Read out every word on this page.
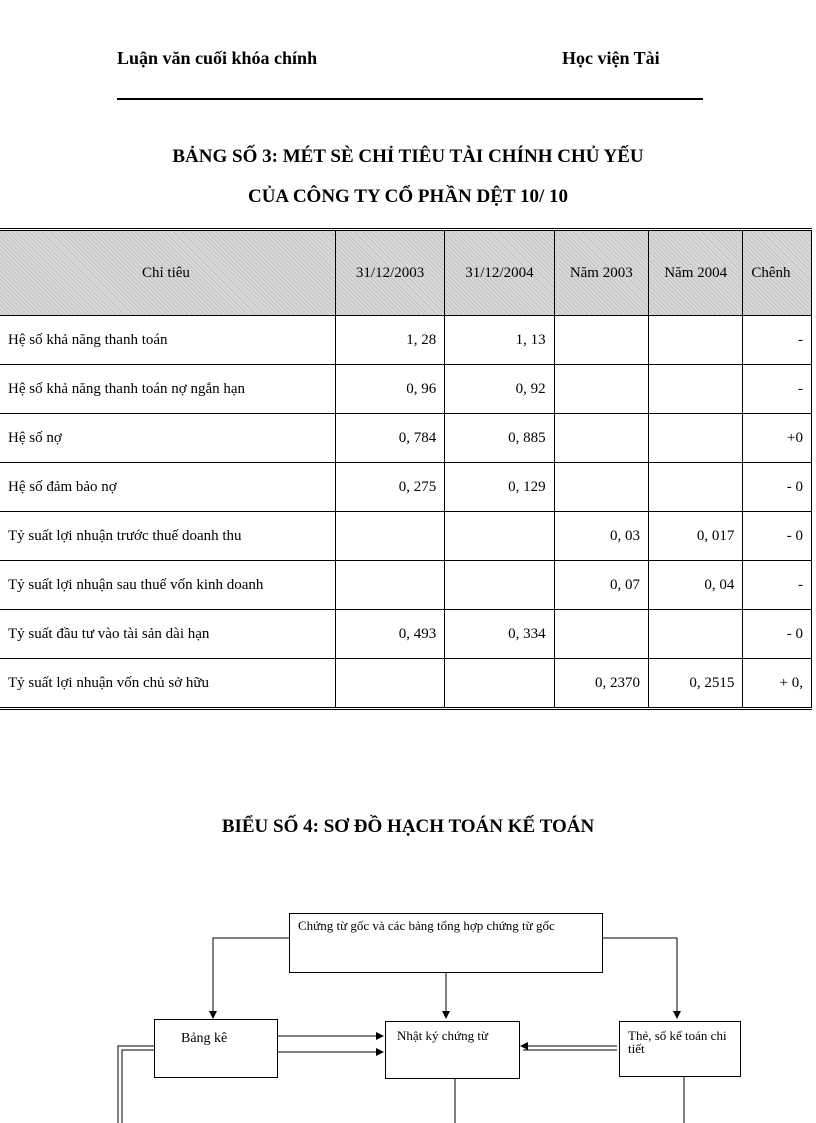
Luận văn cuối khóa chính	Học viện Tài
BẢNG SỐ 3: MÉT SÈ CHỈ TIÊU TÀI CHÍNH CHỦ YẾU
CỦA CÔNG TY CỔ PHẦN DỆT 10/ 10
Chỉ tiêu	31/12/2003	31/12/2004	Năm 2003	Năm 2004	Chênh
Hệ số khả năng thanh toán	1, 28	1, 13			-
Hệ số khả năng thanh toán nợ ngắn hạn	0, 96	0, 92			-
Hệ số nợ	0, 784	0, 885			+0
Hệ số đảm bảo nợ	0, 275	0, 129			- 0
Tỷ suất lợi nhuận trước thuế doanh thu			0, 03	0, 017	- 0
Tỷ suất lợi nhuận sau thuế vốn kinh doanh			0, 07	0, 04	-
Tỷ suất đầu tư vào tài sản dài hạn	0, 493	0, 334			- 0
Tỷ suất lợi nhuận vốn chủ sở hữu			0, 2370	0, 2515	+ 0,
BIỂU SỐ 4: SƠ ĐỒ HẠCH TOÁN KẾ TOÁN
Chứng từ gốc và các bảng tổng hợp chứng từ gốc
Bảng kê	Nhật ký chứng từ	Thẻ, sổ kế toán chi tiết
